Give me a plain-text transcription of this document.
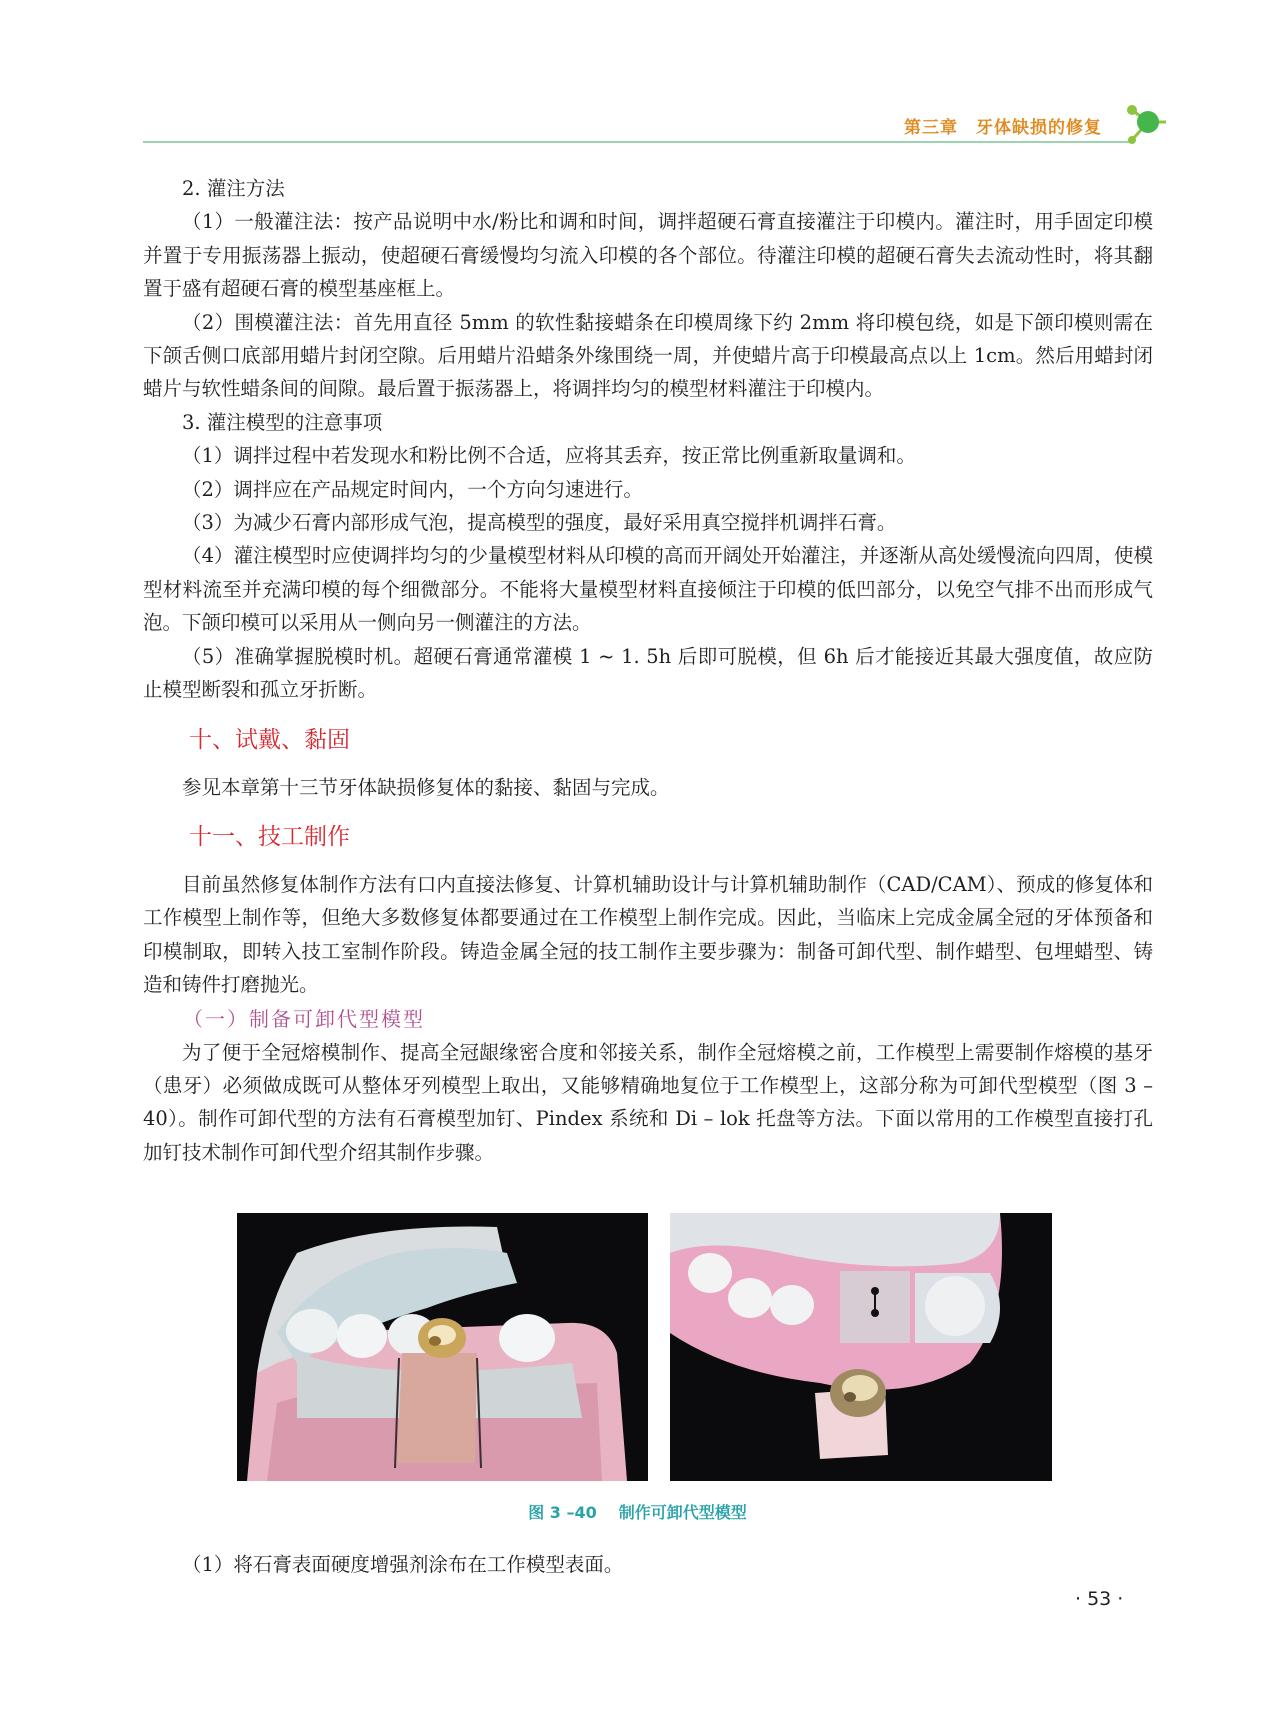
第三章 牙体缺损的修复

2. 灌注方法

（1）一般灌注法：按产品说明中水/粉比和调和时间，调拌超硬石膏直接灌注于印模内。灌注时，用手固定印模并置于专用振荡器上振动，使超硬石膏缓慢均匀流入印模的各个部位。待灌注印模的超硬石膏失去流动性时，将其翻置于盛有超硬石膏的模型基座框上。

（2）围模灌注法：首先用直径 5mm 的软性黏接蜡条在印模周缘下约 2mm 将印模包绕，如是下颌印模则需在下颌舌侧口底部用蜡片封闭空隙。后用蜡片沿蜡条外缘围绕一周，并使蜡片高于印模最高点以上 1cm。然后用蜡封闭蜡片与软性蜡条间的间隙。最后置于振荡器上，将调拌均匀的模型材料灌注于印模内。

3. 灌注模型的注意事项

（1）调拌过程中若发现水和粉比例不合适，应将其丢弃，按正常比例重新取量调和。

（2）调拌应在产品规定时间内，一个方向匀速进行。

（3）为减少石膏内部形成气泡，提高模型的强度，最好采用真空搅拌机调拌石膏。

（4）灌注模型时应使调拌均匀的少量模型材料从印模的高而开阔处开始灌注，并逐渐从高处缓慢流向四周，使模型材料流至并充满印模的每个细微部分。不能将大量模型材料直接倾注于印模的低凹部分，以免空气排不出而形成气泡。下颌印模可以采用从一侧向另一侧灌注的方法。

（5）准确掌握脱模时机。超硬石膏通常灌模 1 ~ 1. 5h 后即可脱模，但 6h 后才能接近其最大强度值，故应防止模型断裂和孤立牙折断。

十、试戴、黏固

参见本章第十三节牙体缺损修复体的黏接、黏固与完成。

十一、技工制作

目前虽然修复体制作方法有口内直接法修复、计算机辅助设计与计算机辅助制作（CAD/CAM）、预成的修复体和工作模型上制作等，但绝大多数修复体都要通过在工作模型上制作完成。因此，当临床上完成金属全冠的牙体预备和印模制取，即转入技工室制作阶段。铸造金属全冠的技工制作主要步骤为：制备可卸代型、制作蜡型、包埋蜡型、铸造和铸件打磨抛光。

（一）制备可卸代型模型

为了便于全冠熔模制作、提高全冠龈缘密合度和邻接关系，制作全冠熔模之前，工作模型上需要制作熔模的基牙（患牙）必须做成既可从整体牙列模型上取出，又能够精确地复位于工作模型上，这部分称为可卸代型模型（图 3 –40）。制作可卸代型的方法有石膏模型加钉、Pindex 系统和 Di – lok 托盘等方法。下面以常用的工作模型直接打孔加钉技术制作可卸代型介绍其制作步骤。

图 3 –40 制作可卸代型模型

（1）将石膏表面硬度增强剂涂布在工作模型表面。

· 53 ·
